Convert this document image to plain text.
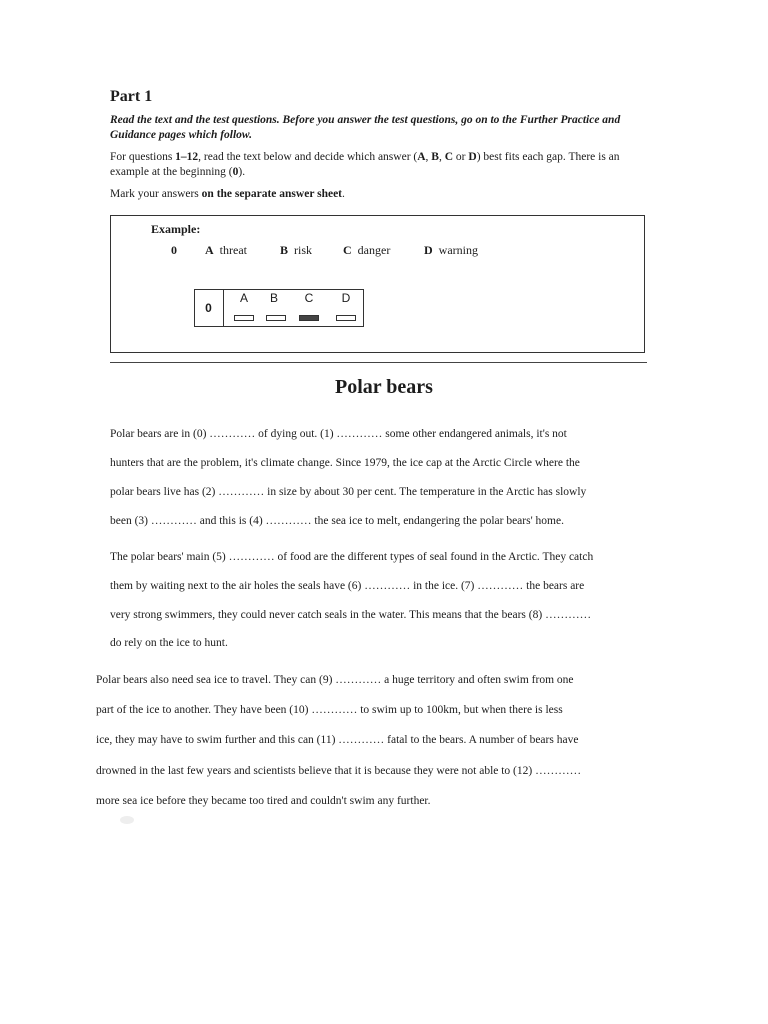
Part 1
Read the text and the test questions. Before you answer the test questions, go on to the Further Practice and Guidance pages which follow.
For questions 1–12, read the text below and decide which answer (A, B, C or D) best fits each gap. There is an example at the beginning (0).
Mark your answers on the separate answer sheet.
Example:
0	A threat	B risk	C danger	D warning
0
A	B	C	D
Polar bears
Polar bears are in (0) ………… of dying out. (1) ………… some other endangered animals, it's not
hunters that are the problem, it's climate change. Since 1979, the ice cap at the Arctic Circle where the
polar bears live has (2) ………… in size by about 30 per cent. The temperature in the Arctic has slowly
been (3) ………… and this is (4) ………… the sea ice to melt, endangering the polar bears' home.
The polar bears' main (5) ………… of food are the different types of seal found in the Arctic. They catch
them by waiting next to the air holes the seals have (6) ………… in the ice. (7) ………… the bears are
very strong swimmers, they could never catch seals in the water. This means that the bears (8) …………
do rely on the ice to hunt.
Polar bears also need sea ice to travel. They can (9) ………… a huge territory and often swim from one
part of the ice to another. They have been (10) ………… to swim up to 100km, but when there is less
ice, they may have to swim further and this can (11) ………… fatal to the bears. A number of bears have
drowned in the last few years and scientists believe that it is because they were not able to (12) …………
more sea ice before they became too tired and couldn't swim any further.
